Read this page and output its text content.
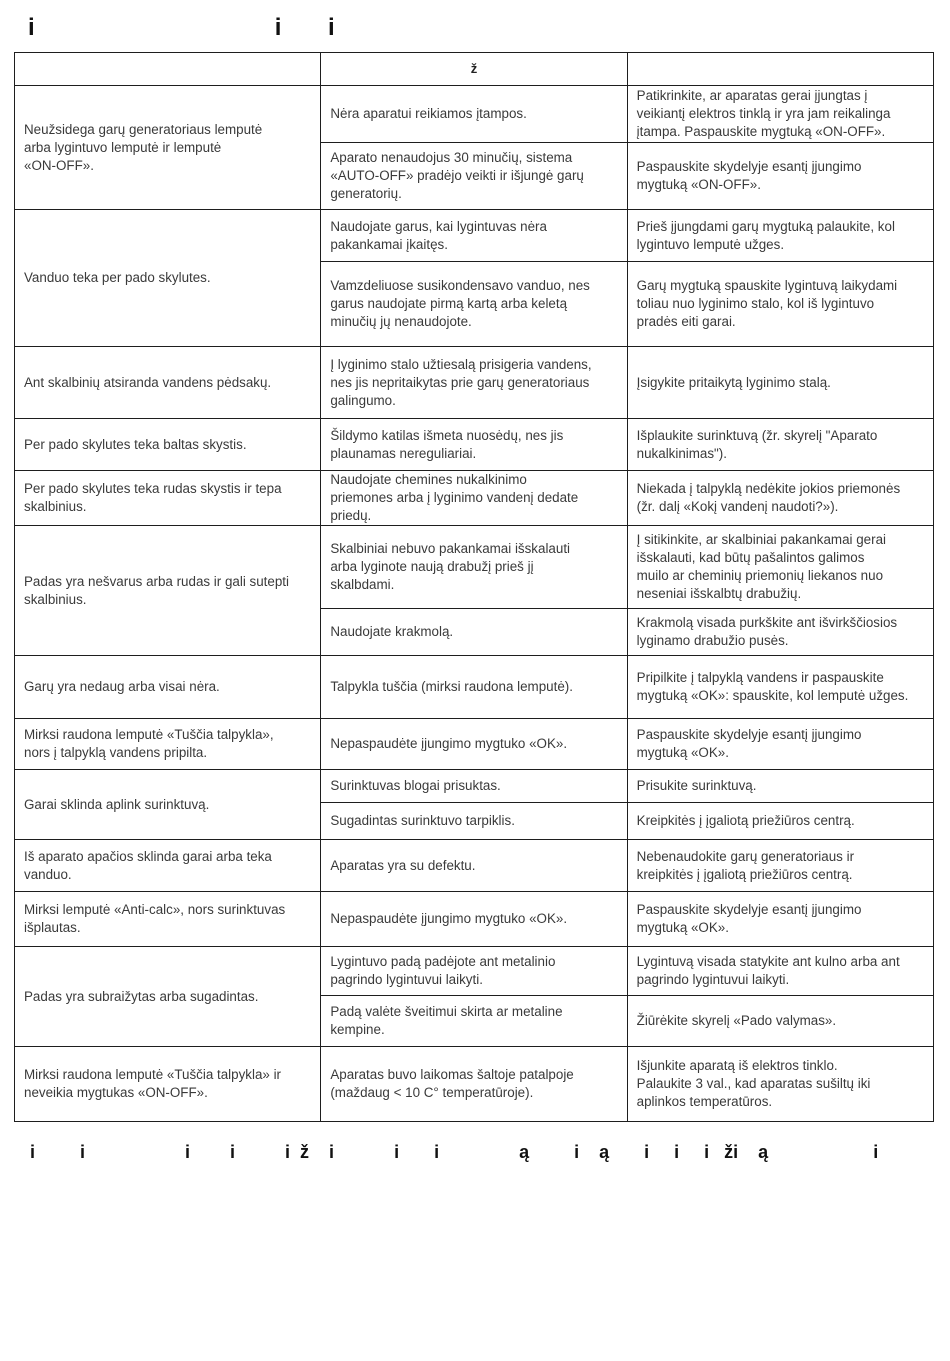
i                                    i       i
	ž	
Neužsidega garų generatoriaus lemputė
arba lygintuvo lemputė ir lemputė
«ON-OFF».	Nėra aparatui reikiamos įtampos.	Patikrinkite, ar aparatas gerai įjungtas į
veikiantį elektros tinklą ir yra jam reikalinga
įtampa. Paspauskite mygtuką «ON-OFF».
	Aparato nenaudojus 30 minučių, sistema
«AUTO-OFF» pradėjo veikti ir išjungė garų
generatorių.	Paspauskite skydelyje esantį įjungimo
mygtuką «ON-OFF».
Vanduo teka per pado skylutes.	Naudojate garus, kai lygintuvas nėra
pakankamai įkaitęs.	Prieš įjungdami garų mygtuką palaukite, kol
lygintuvo lemputė užges.
	Vamzdeliuose susikondensavo vanduo, nes
garus naudojate pirmą kartą arba keletą
minučių jų nenaudojote.	Garų mygtuką spauskite lygintuvą laikydami
toliau nuo lyginimo stalo, kol iš lygintuvo
pradės eiti garai.
Ant skalbinių atsiranda vandens pėdsakų.	Į lyginimo stalo užtiesalą prisigeria vandens,
nes jis nepritaikytas prie garų generatoriaus
galingumo.	Įsigykite pritaikytą lyginimo stalą.
Per pado skylutes teka baltas skystis.	Šildymo katilas išmeta nuosėdų, nes jis
plaunamas nereguliariai.	Išplaukite surinktuvą (žr. skyrelį "Aparato
nukalkinimas").
Per pado skylutes teka rudas skystis ir tepa
skalbinius.	Naudojate chemines nukalkinimo
priemones arba į lyginimo vandenį dedate
priedų.	Niekada į talpyklą nedėkite jokios priemonės
(žr. dalį «Kokį vandenį naudoti?»).
Padas yra nešvarus arba rudas ir gali sutepti
skalbinius.	Skalbiniai nebuvo pakankamai išskalauti
arba lyginote naują drabužį prieš jį
skalbdami.	Į sitikinkite, ar skalbiniai pakankamai gerai
išskalauti, kad būtų pašalintos galimos
muilo ar cheminių priemonių liekanos nuo
neseniai išskalbtų drabužių.
	Naudojate krakmolą.	Krakmolą visada purkškite ant išvirkščiosios
lyginamo drabužio pusės.
Garų yra nedaug arba visai nėra.	Talpykla tuščia (mirksi raudona lemputė).	Pripilkite į talpyklą vandens ir paspauskite
mygtuką «OK»: spauskite, kol lemputė užges.
Mirksi raudona lemputė «Tuščia talpykla»,
nors į talpyklą vandens pripilta.	Nepaspaudėte įjungimo mygtuko «OK».	Paspauskite skydelyje esantį įjungimo
mygtuką «OK».
Garai sklinda aplink surinktuvą.	Surinktuvas blogai prisuktas.	Prisukite surinktuvą.
	Sugadintas surinktuvo tarpiklis.	Kreipkitės į įgaliotą priežiūros centrą.
Iš aparato apačios sklinda garai arba teka
vanduo.	Aparatas yra su defektu.	Nebenaudokite garų generatoriaus ir
kreipkitės į įgaliotą priežiūros centrą.
Mirksi lemputė «Anti-calc», nors surinktuvas
išplautas.	Nepaspaudėte įjungimo mygtuko «OK».	Paspauskite skydelyje esantį įjungimo
mygtuką «OK».
Padas yra subraižytas arba sugadintas.	Lygintuvo padą padėjote ant metalinio
pagrindo lygintuvui laikyti.	Lygintuvą visada statykite ant kulno arba ant
pagrindo lygintuvui laikyti.
	Padą valėte šveitimui skirta ar metaline
kempine.	Žiūrėkite skyrelį «Pado valymas».
Mirksi raudona lemputė «Tuščia talpykla» ir
neveikia mygtukas «ON-OFF».	Aparatas buvo laikomas šaltoje patalpoje
(maždaug < 10 C° temperatūroje).	Išjunkite aparatą iš elektros tinklo.
Palaukite 3 val., kad aparatas sušiltų iki
aplinkos temperatūros.
i         i                    i        i          i  ž    i            i       i                ą         i    ą       i     i     i   ži    ą                     i
